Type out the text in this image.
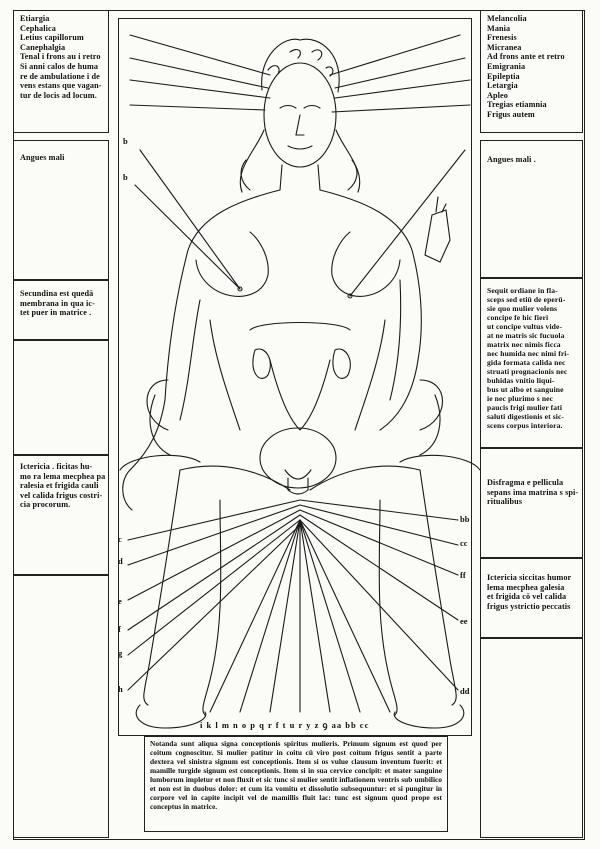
Etiargia
Cephalica
Letius capillorum
Canephalgia
Tenal i frons au i retro
Si anni calos de huma
re de ambulatione i de
vens estans que vagan-
tur de locis ad locum.
Angues mali
Secundina est quedā
membrana in qua ic-
tet puer in matrice .
Ictericia . ficitas hu-
mo ra lema mecphea pa
ralesia et frigida cauli
vel calida frigus costri-
cia procorum.
Melancolia
Mania
Frenesis
Micranea
Ad frons ante et retro
Emigrania
Epileptia
Letargia
Apleo
Tregias etiamnia
Frigus autem
Angues mali .
Sequit ordiane in fla-
sceps sed etiū de eperū-
sie quo mulier volens
concipe fe hic fieri
ut concipe vultus vide-
at ne matris sic fucuola
matrix nec nimis ficca
nec humida nec nimi fri-
gida formata calida nec
struati prognacionis nec
buhidas vnitio liqui-
bus ut albo et sanguine
ie nec plurimo s nec
paucis frigi mulier fati
saluti digestionis et sic-
scens corpus interiora.
Disfragma e pellicula
sepans ima matrina s spi-
ritualibus
Ictericia siccitas humor
lema mecphea galesia
et frigida cō vel calida
frigus ystrictio peccatis
b
b
c
d
e
f
g
h
bb
cc
ff
ee
dd
i k l m n o p q r f t u r y z ꝯ aa bb cc
Notanda sunt aliqua signa conceptionis spiritus mulieris. Primum signum est quod per coitum cognoscitur. Si mulier patitur in coitu cū viro post coitum frigus sentit a parte dextera vel sinistra signum est conceptionis. Item si os vulue clausum inventum fuerit: et mamille turgide signum est conceptionis. Item si in sua cervice concipit: et mater sanguine lumborum impletur et non fluxit et sic tunc si mulier sentit inflationem ventris sub umbilico et non est in duobus dolor: et cum ita vomitu et dissolutio subsequuntur: et si pungitur in corpore vel in capite incipit vel de mamillis fluit lac: tunc est signum quod prope est conceptus in matrice.
